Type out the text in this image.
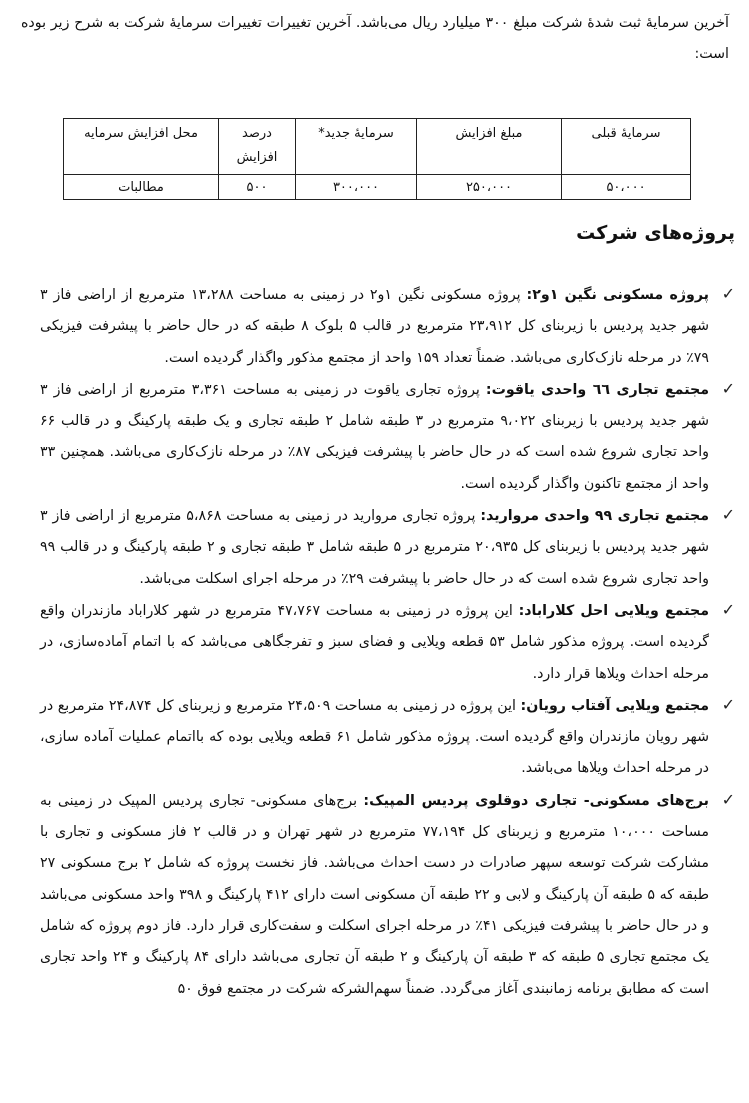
آخرین سرمایهٔ ثبت شدهٔ شرکت مبلغ ۳۰۰ میلیارد ریال می‌باشد. آخرین تغییرات تغییرات سرمایهٔ شرکت به شرح زیر بوده است:

سرمایهٔ قبلی	مبلغ افزایش	سرمایهٔ جدید*	درصد افزایش	محل افزایش سرمایه
۵۰،۰۰۰	۲۵۰،۰۰۰	۳۰۰،۰۰۰	۵۰۰	مطالبات
پروژه‌های شرکت
✓
پروژه مسکونی نگین ۱و۲: پروژه مسکونی نگین ۱و۲ در زمینی به مساحت ۱۳،۲۸۸ مترمربع از اراضی فاز ۳ شهر جدید پردیس با زیربنای کل ۲۳،۹۱۲ مترمربع در قالب ۵ بلوک ۸ طبقه که در حال حاضر با پیشرفت فیزیکی ۷۹٪ در مرحله نازک‌کاری می‌باشد. ضمناً تعداد ۱۵۹ واحد از مجتمع مذکور واگذار گردیده است.
✓
مجتمع تجاری ٦٦ واحدی یاقوت: پروژه تجاری یاقوت در زمینی به مساحت ۳،۳۶۱ مترمربع از اراضی فاز ۳ شهر جدید پردیس با زیربنای ۹،۰۲۲ مترمربع در ۳ طبقه شامل ۲ طبقه تجاری و یک طبقه پارکینگ و در قالب ۶۶ واحد تجاری شروع شده است که در حال حاضر با پیشرفت فیزیکی ۸۷٪ در مرحله نازک‌کاری می‌باشد. همچنین ۳۳ واحد از مجتمع تاکنون واگذار گردیده است.
✓
مجتمع تجاری ۹۹ واحدی مروارید: پروژه تجاری مروارید در زمینی به مساحت ۵،۸۶۸ مترمربع از اراضی فاز ۳ شهر جدید پردیس با زیربنای کل ۲۰،۹۳۵ مترمربع در ۵ طبقه شامل ۳ طبقه تجاری و ۲ طبقه پارکینگ و در قالب ۹۹ واحد تجاری شروع شده است که در حال حاضر با پیشرفت ۲۹٪ در مرحله اجرای اسکلت می‌باشد.
✓
مجتمع ویلایی احل کلاراباد: این پروژه در زمینی به مساحت ۴۷،۷۶۷ مترمربع در شهر کلاراباد مازندران واقع گردیده است. پروژه مذکور شامل ۵۳ قطعه ویلایی و فضای سبز و تفرجگاهی می‌باشد که با اتمام آماده‌سازی، در مرحله احداث ویلاها قرار دارد.
✓
مجتمع ویلایی آفتاب رویان: این پروژه در زمینی به مساحت ۲۴،۵۰۹ مترمربع و زیربنای کل ۲۴،۸۷۴ مترمربع در شهر رویان مازندران واقع گردیده است. پروژه مذکور شامل ۶۱ قطعه ویلایی بوده که بااتمام عملیات آماده سازی، در مرحله احداث ویلاها می‌باشد.
✓
برج‌های مسکونی- تجاری دوقلوی پردیس المپیک: برج‌های مسکونی- تجاری پردیس المپیک در زمینی به مساحت ۱۰،۰۰۰ مترمربع و زیربنای کل ۷۷،۱۹۴ مترمربع در شهر تهران و در قالب ۲ فاز مسکونی و تجاری با مشارکت شرکت توسعه سپهر صادرات در دست احداث می‌باشد. فاز نخست پروژه که شامل ۲ برج مسکونی ۲۷ طبقه که ۵ طبقه آن پارکینگ و لابی و ۲۲ طبقه آن مسکونی است دارای ۴۱۲ پارکینگ و ۳۹۸ واحد مسکونی می‌باشد و در حال حاضر با پیشرفت فیزیکی ۴۱٪ در مرحله اجرای اسکلت و سفت‌کاری قرار دارد. فاز دوم پروژه که شامل یک مجتمع تجاری ۵ طبقه که ۳ طبقه آن پارکینگ و ۲ طبقه آن تجاری می‌باشد دارای ۸۴ پارکینگ و ۲۴ واحد تجاری است که مطابق برنامه زمانبندی آغاز می‌گردد. ضمناً سهم‌الشرکه شرکت در مجتمع فوق ۵۰
